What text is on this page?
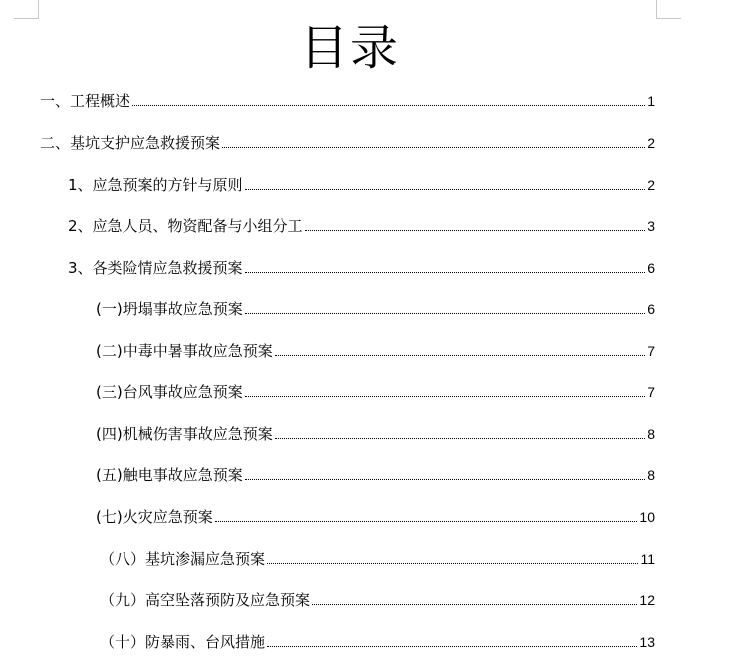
目录
一、工程概述	1
二、基坑支护应急救援预案	2
1、应急预案的方针与原则	2
2、应急人员、物资配备与小组分工	3
3、各类险情应急救援预案	6
(一)坍塌事故应急预案	6
(二)中毒中暑事故应急预案	7
(三)台风事故应急预案	7
(四)机械伤害事故应急预案	8
(五)触电事故应急预案	8
(七)火灾应急预案	10
（八）基坑渗漏应急预案	11
（九）高空坠落预防及应急预案	12
（十）防暴雨、台风措施	13
